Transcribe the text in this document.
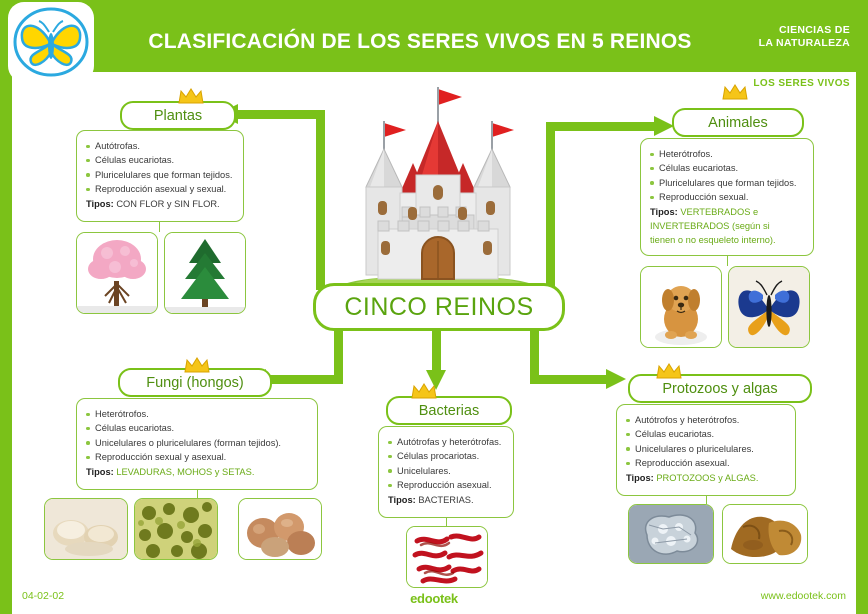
CLASIFICACIÓN DE LOS SERES VIVOS EN 5 REINOS	CIENCIAS DE
LA NATURALEZA
LOS SERES VIVOS
CINCO REINOS
Plantas
Autótrofas.
Células eucariotas.
Pluricelulares que forman tejidos.
Reproducción asexual y sexual.
Tipos: CON FLOR y SIN FLOR.
Animales
Heterótrofos.
Células eucariotas.
Pluricelulares que forman tejidos.
Reproducción sexual.
Tipos: VERTEBRADOS e
INVERTEBRADOS (según si
tienen o no esqueleto interno).
Fungi (hongos)
Heterótrofos.
Células eucariotas.
Unicelulares o pluricelulares (forman tejidos).
Reproducción sexual y asexual.
Tipos: LEVADURAS, MOHOS y SETAS.
Bacterias
Autótrofas y heterótrofas.
Células procariotas.
Unicelulares.
Reproducción asexual.
Tipos: BACTERIAS.
Protozoos y algas
Autótrofos y heterótrofos.
Células eucariotas.
Unicelulares o pluricelulares.
Reproducción asexual.
Tipos: PROTOZOOS y ALGAS.
04-02-02	edootek	www.edootek.com
